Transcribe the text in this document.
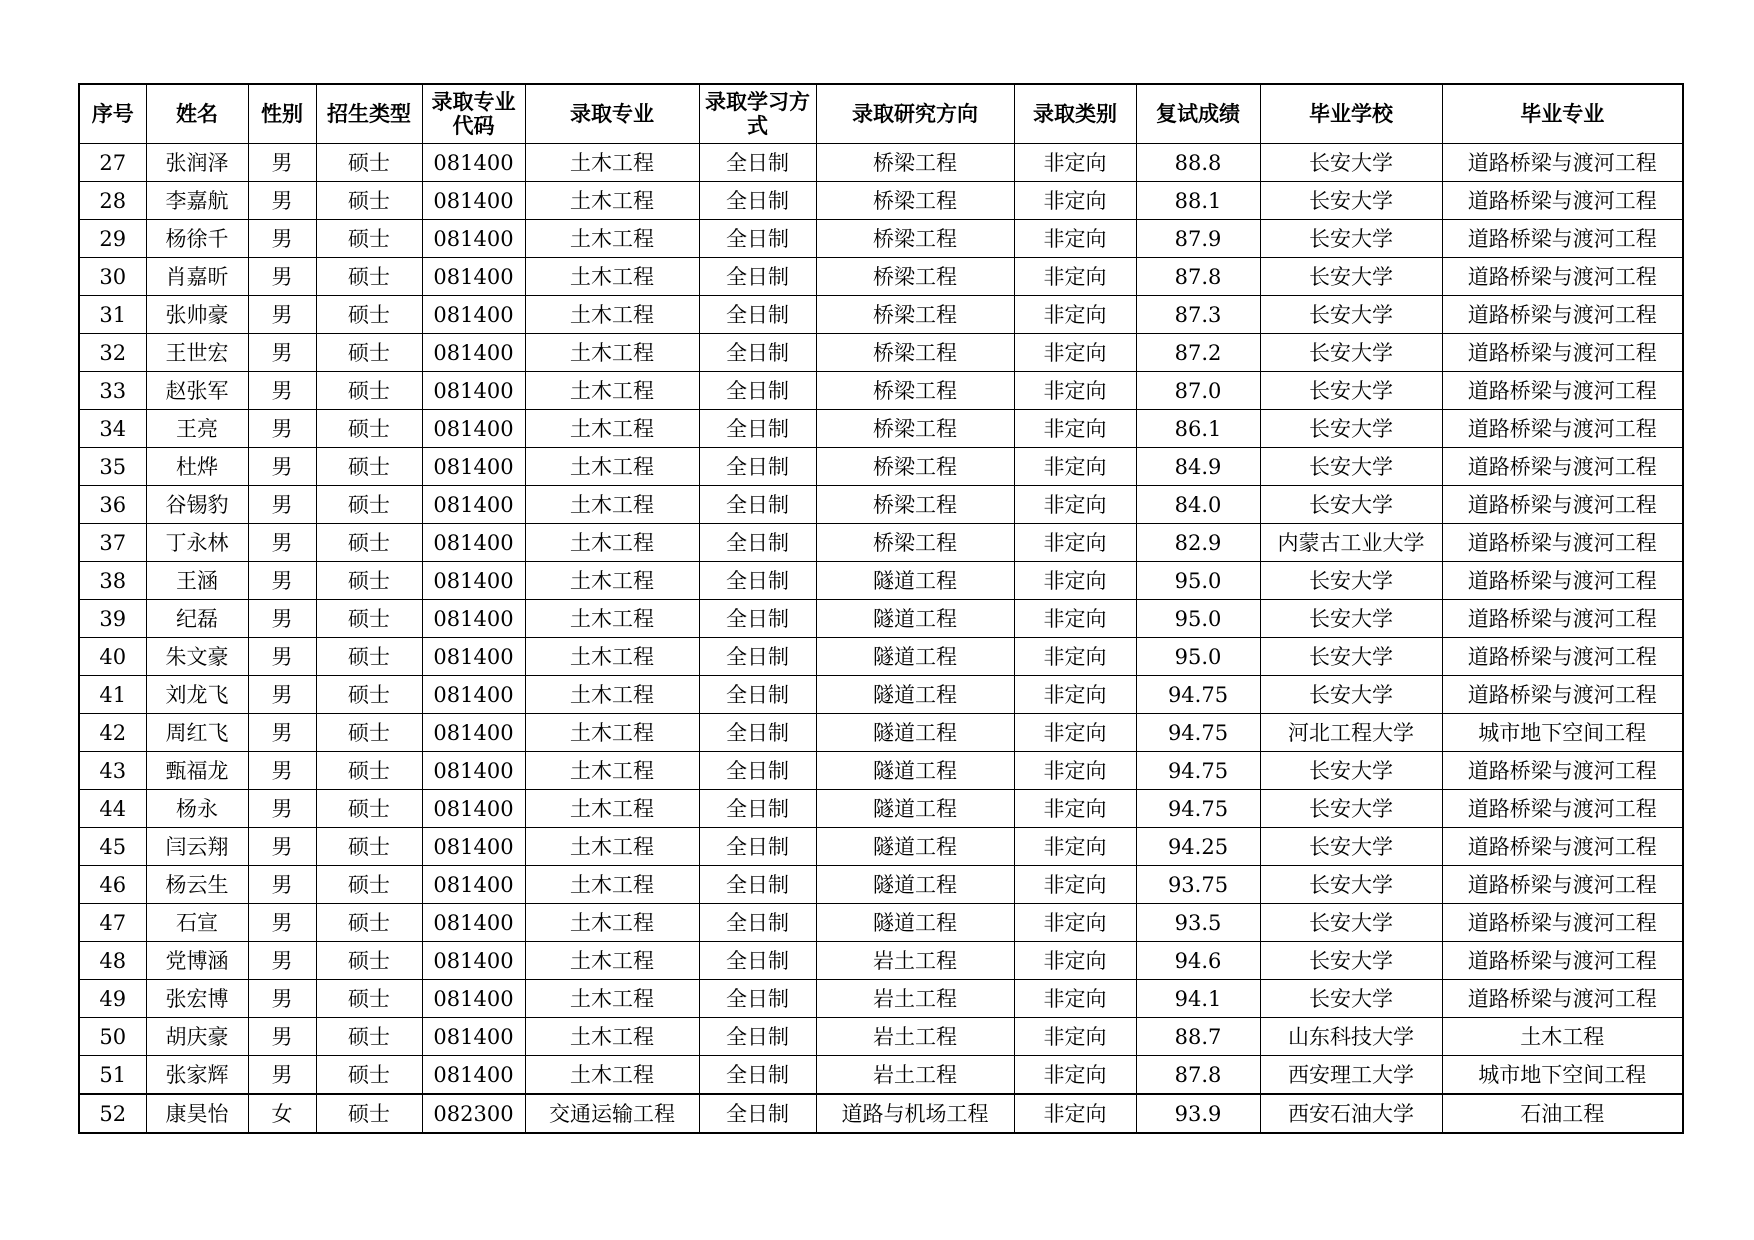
序号	姓名	性别	招生类型	录取专业代码	录取专业	录取学习方式	录取研究方向	录取类别	复试成绩	毕业学校	毕业专业
27	张润泽	男	硕士	081400	土木工程	全日制	桥梁工程	非定向	88.8	长安大学	道路桥梁与渡河工程
28	李嘉航	男	硕士	081400	土木工程	全日制	桥梁工程	非定向	88.1	长安大学	道路桥梁与渡河工程
29	杨徐千	男	硕士	081400	土木工程	全日制	桥梁工程	非定向	87.9	长安大学	道路桥梁与渡河工程
30	肖嘉昕	男	硕士	081400	土木工程	全日制	桥梁工程	非定向	87.8	长安大学	道路桥梁与渡河工程
31	张帅豪	男	硕士	081400	土木工程	全日制	桥梁工程	非定向	87.3	长安大学	道路桥梁与渡河工程
32	王世宏	男	硕士	081400	土木工程	全日制	桥梁工程	非定向	87.2	长安大学	道路桥梁与渡河工程
33	赵张军	男	硕士	081400	土木工程	全日制	桥梁工程	非定向	87.0	长安大学	道路桥梁与渡河工程
34	王亮	男	硕士	081400	土木工程	全日制	桥梁工程	非定向	86.1	长安大学	道路桥梁与渡河工程
35	杜烨	男	硕士	081400	土木工程	全日制	桥梁工程	非定向	84.9	长安大学	道路桥梁与渡河工程
36	谷锡豹	男	硕士	081400	土木工程	全日制	桥梁工程	非定向	84.0	长安大学	道路桥梁与渡河工程
37	丁永林	男	硕士	081400	土木工程	全日制	桥梁工程	非定向	82.9	内蒙古工业大学	道路桥梁与渡河工程
38	王涵	男	硕士	081400	土木工程	全日制	隧道工程	非定向	95.0	长安大学	道路桥梁与渡河工程
39	纪磊	男	硕士	081400	土木工程	全日制	隧道工程	非定向	95.0	长安大学	道路桥梁与渡河工程
40	朱文豪	男	硕士	081400	土木工程	全日制	隧道工程	非定向	95.0	长安大学	道路桥梁与渡河工程
41	刘龙飞	男	硕士	081400	土木工程	全日制	隧道工程	非定向	94.75	长安大学	道路桥梁与渡河工程
42	周红飞	男	硕士	081400	土木工程	全日制	隧道工程	非定向	94.75	河北工程大学	城市地下空间工程
43	甄福龙	男	硕士	081400	土木工程	全日制	隧道工程	非定向	94.75	长安大学	道路桥梁与渡河工程
44	杨永	男	硕士	081400	土木工程	全日制	隧道工程	非定向	94.75	长安大学	道路桥梁与渡河工程
45	闫云翔	男	硕士	081400	土木工程	全日制	隧道工程	非定向	94.25	长安大学	道路桥梁与渡河工程
46	杨云生	男	硕士	081400	土木工程	全日制	隧道工程	非定向	93.75	长安大学	道路桥梁与渡河工程
47	石宣	男	硕士	081400	土木工程	全日制	隧道工程	非定向	93.5	长安大学	道路桥梁与渡河工程
48	党博涵	男	硕士	081400	土木工程	全日制	岩土工程	非定向	94.6	长安大学	道路桥梁与渡河工程
49	张宏博	男	硕士	081400	土木工程	全日制	岩土工程	非定向	94.1	长安大学	道路桥梁与渡河工程
50	胡庆豪	男	硕士	081400	土木工程	全日制	岩土工程	非定向	88.7	山东科技大学	土木工程
51	张家辉	男	硕士	081400	土木工程	全日制	岩土工程	非定向	87.8	西安理工大学	城市地下空间工程
52	康昊怡	女	硕士	082300	交通运输工程	全日制	道路与机场工程	非定向	93.9	西安石油大学	石油工程
